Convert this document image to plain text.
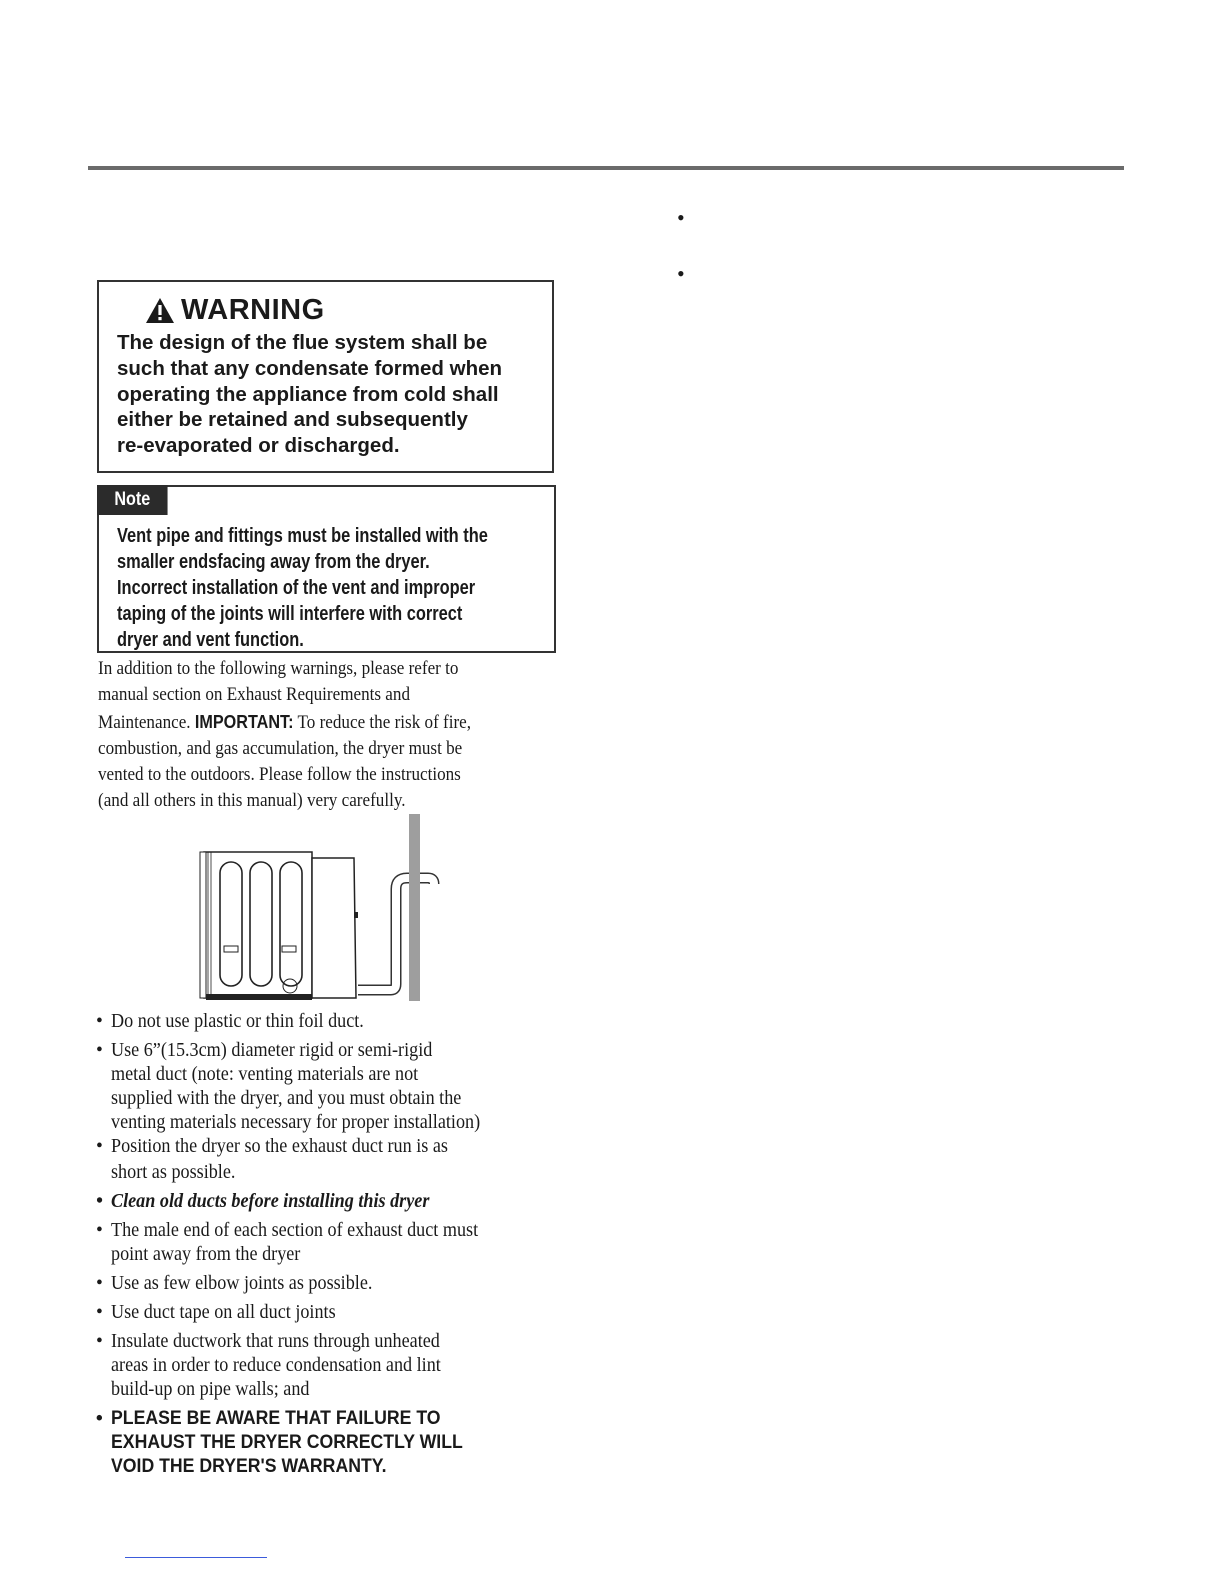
•
•
WARNING
The design of the flue system shall be
such that any condensate formed when
operating the appliance from cold shall
either be retained and subsequently
re-evaporated or discharged.
Note
Vent pipe and fittings must be installed with the
smaller endsfacing away from the dryer.
Incorrect installation of the vent and improper
taping of the joints will interfere with correct
dryer and vent function.
In addition to the following warnings, please refer to
manual section on Exhaust Requirements and
Maintenance. IMPORTANT: To reduce the risk of fire,
combustion, and gas accumulation, the dryer must be
vented to the outdoors. Please follow the instructions
(and all others in this manual) very carefully.
• Do not use plastic or thin foil duct.
• Use 6”(15.3cm) diameter rigid or semi-rigid
metal duct (note: venting materials are not
supplied with the dryer, and you must obtain the
venting materials necessary for proper installation)
• Position the dryer so the exhaust duct run is as
short as possible.
• Clean old ducts before installing this dryer
• The male end of each section of exhaust duct must
point away from the dryer
• Use as few elbow joints as possible.
• Use duct tape on all duct joints
• Insulate ductwork that runs through unheated
areas in order to reduce condensation and lint
build-up on pipe walls; and
• PLEASE BE AWARE THAT FAILURE TO
EXHAUST THE DRYER CORRECTLY WILL
VOID THE DRYER'S WARRANTY.
